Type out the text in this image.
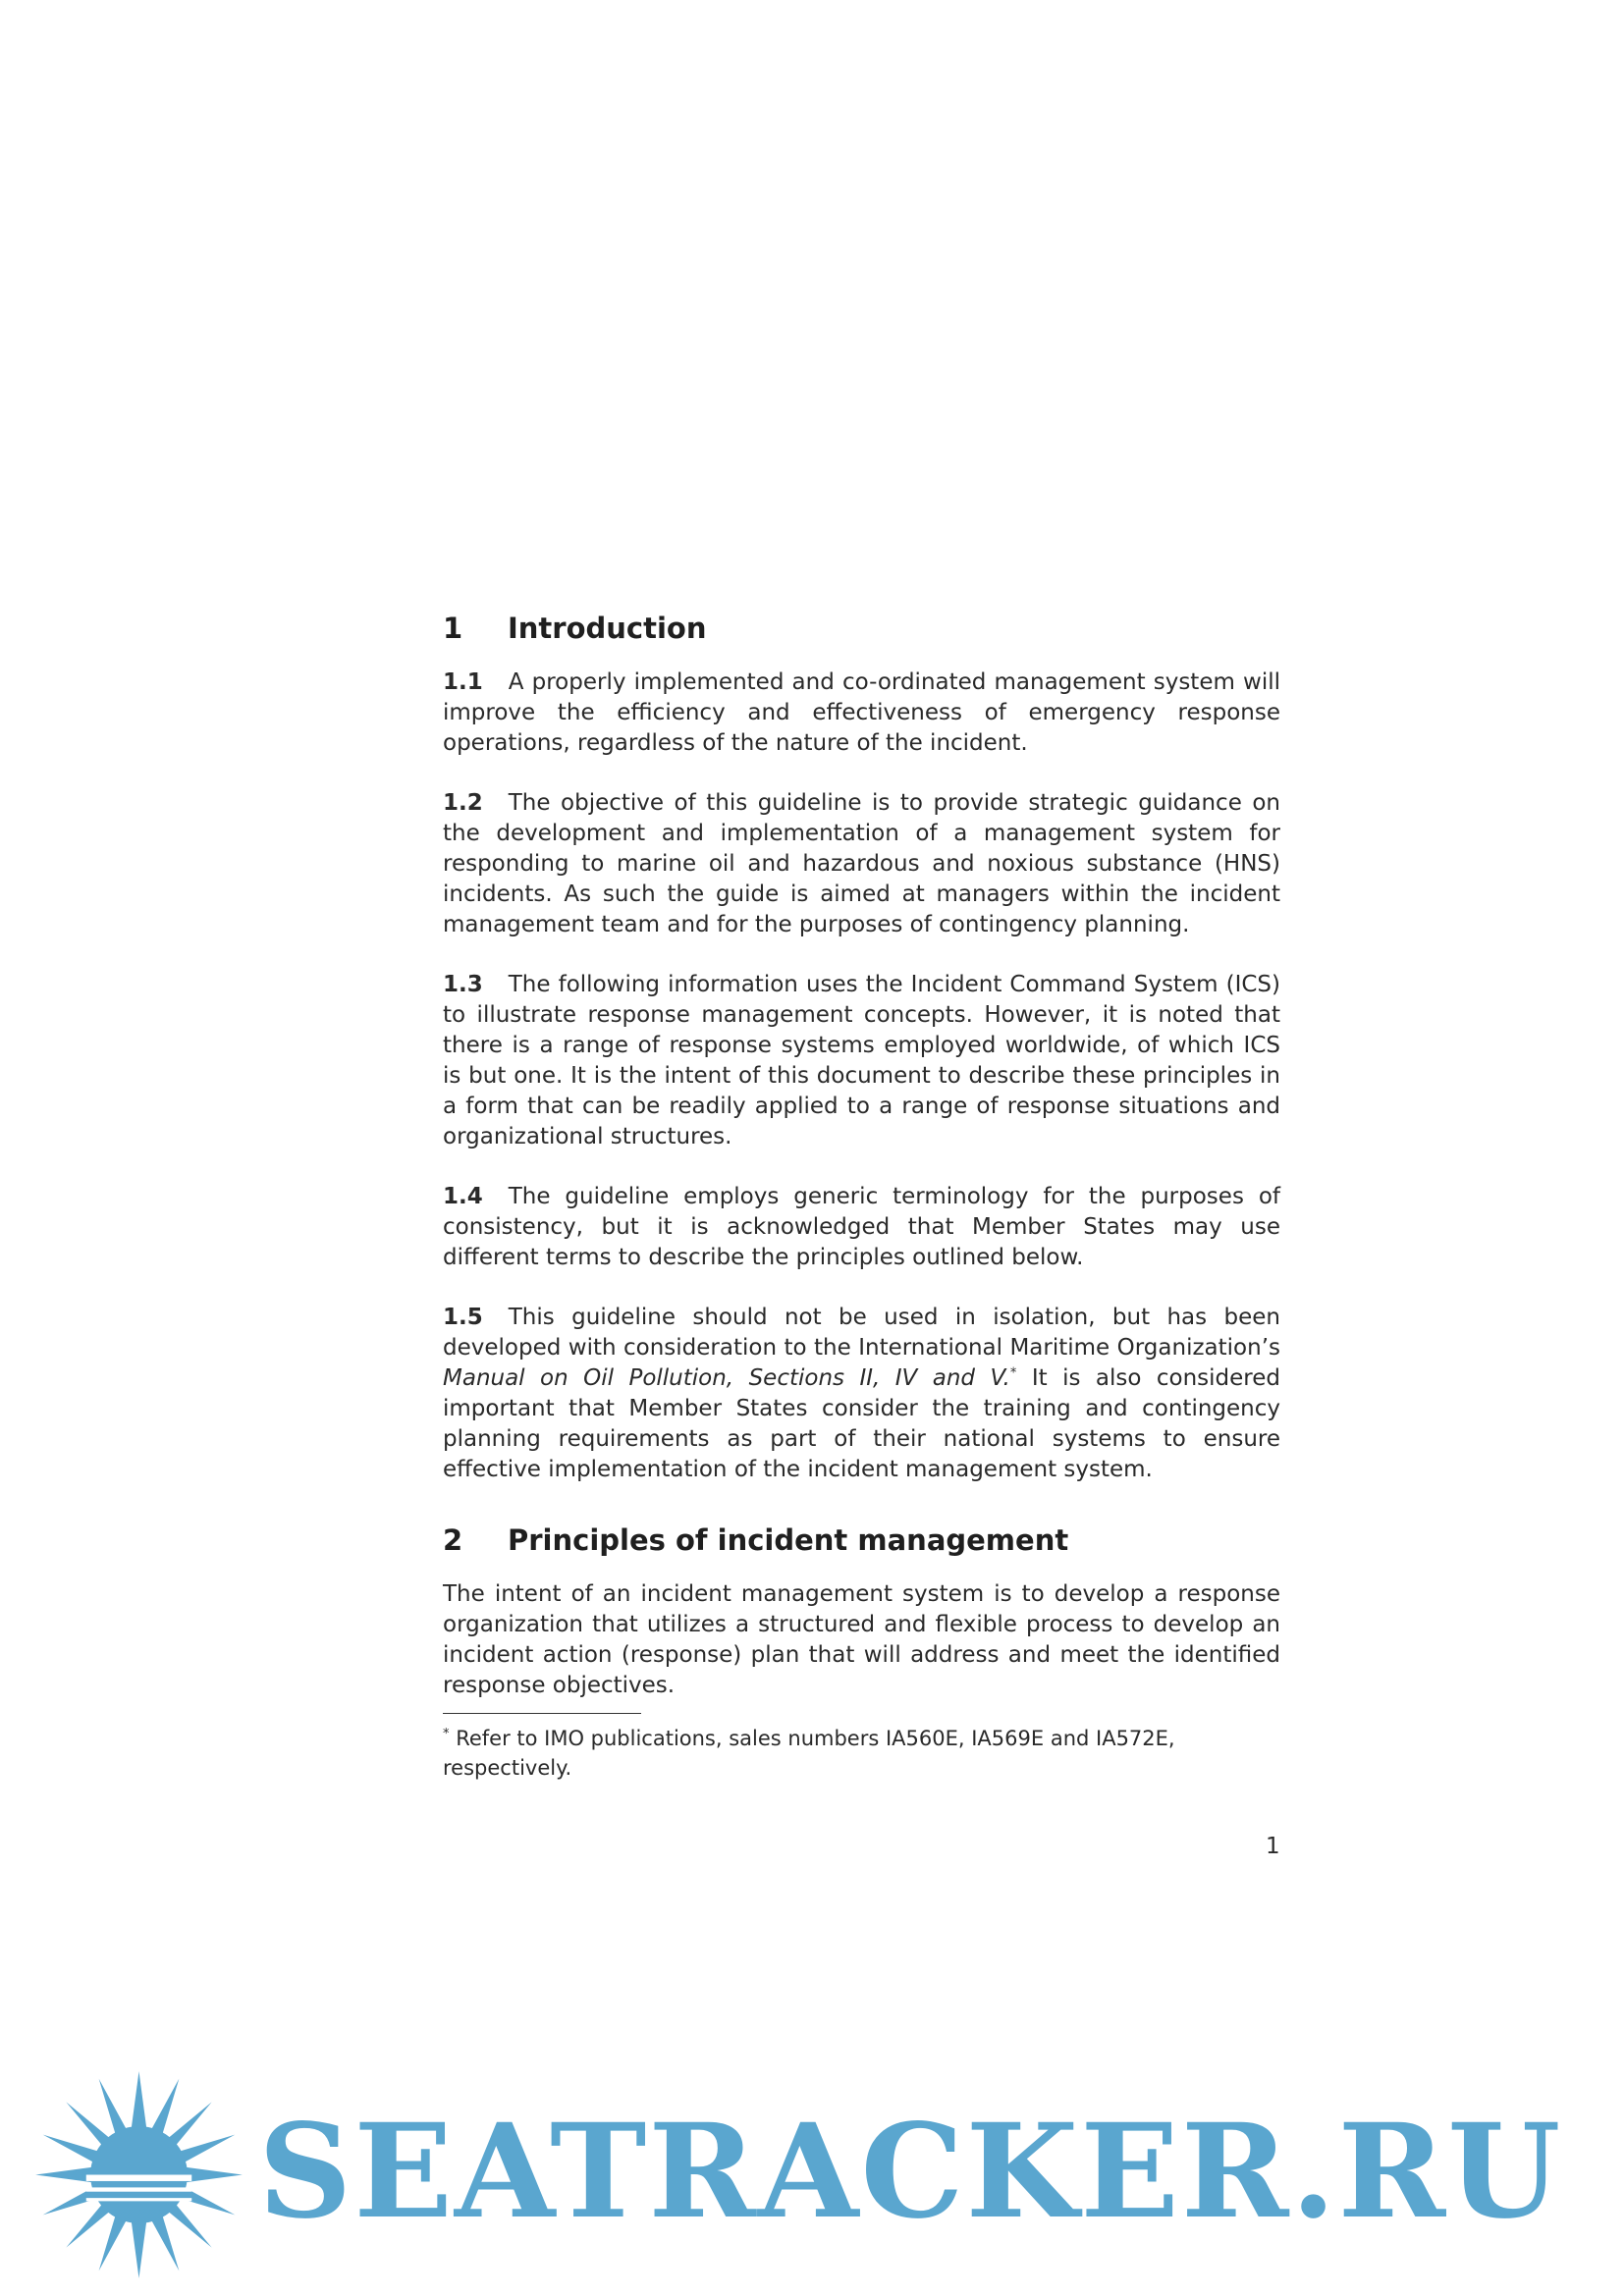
1 Introduction

1.1 A properly implemented and co-ordinated management system will improve the efficiency and effectiveness of emergency response operations, regardless of the nature of the incident.

1.2 The objective of this guideline is to provide strategic guidance on the development and implementation of a management system for responding to marine oil and hazardous and noxious substance (HNS) incidents. As such the guide is aimed at managers within the incident management team and for the purposes of contingency planning.

1.3 The following information uses the Incident Command System (ICS) to illustrate response management concepts. However, it is noted that there is a range of response systems employed worldwide, of which ICS is but one. It is the intent of this document to describe these principles in a form that can be readily applied to a range of response situations and organizational structures.

1.4 The guideline employs generic terminology for the purposes of consistency, but it is acknowledged that Member States may use different terms to describe the principles outlined below.

1.5 This guideline should not be used in isolation, but has been developed with consideration to the International Maritime Organization’s Manual on Oil Pollution, Sections II, IV and V.* It is also considered important that Member States consider the training and contingency planning requirements as part of their national systems to ensure effective implementation of the incident management system.

2 Principles of incident management

The intent of an incident management system is to develop a response organization that utilizes a structured and flexible process to develop an incident action (response) plan that will address and meet the identified response objectives.

* Refer to IMO publications, sales numbers IA560E, IA569E and IA572E, respectively.
1
SEATRACKER.RU
